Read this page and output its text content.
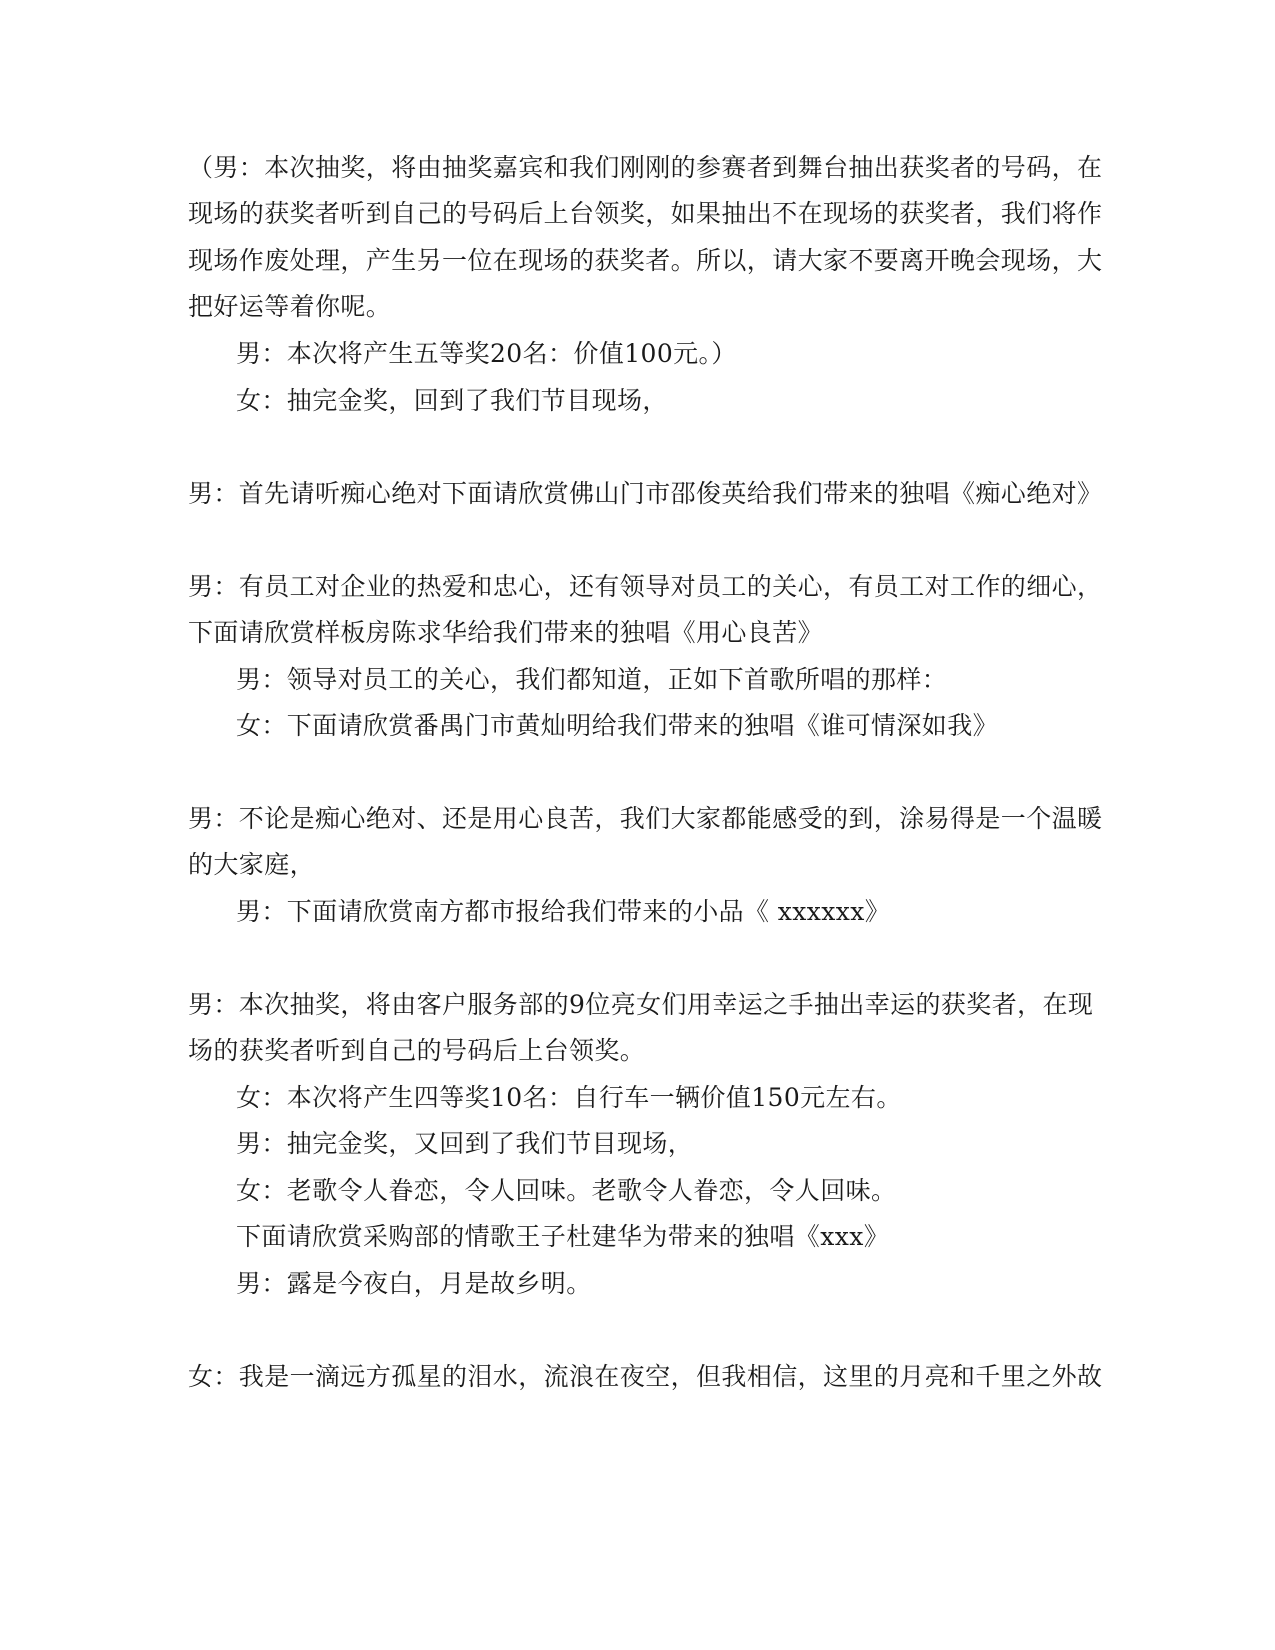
（男：本次抽奖，将由抽奖嘉宾和我们刚刚的参赛者到舞台抽出获奖者的号码，在
现场的获奖者听到自己的号码后上台领奖，如果抽出不在现场的获奖者，我们将作
现场作废处理，产生另一位在现场的获奖者。所以，请大家不要离开晚会现场，大
把好运等着你呢。
男：本次将产生五等奖20名：价值100元。）
女：抽完金奖，回到了我们节目现场，
男：首先请听痴心绝对下面请欣赏佛山门市邵俊英给我们带来的独唱《痴心绝对》
男：有员工对企业的热爱和忠心，还有领导对员工的关心，有员工对工作的细心，
下面请欣赏样板房陈求华给我们带来的独唱《用心良苦》
男：领导对员工的关心，我们都知道，正如下首歌所唱的那样：
女：下面请欣赏番禺门市黄灿明给我们带来的独唱《谁可情深如我》
男：不论是痴心绝对、还是用心良苦，我们大家都能感受的到，涂易得是一个温暖
的大家庭，
男：下面请欣赏南方都市报给我们带来的小品《 xxxxxx》
男：本次抽奖，将由客户服务部的9位亮女们用幸运之手抽出幸运的获奖者，在现
场的获奖者听到自己的号码后上台领奖。
女：本次将产生四等奖10名：自行车一辆价值150元左右。
男：抽完金奖，又回到了我们节目现场，
女：老歌令人眷恋，令人回味。老歌令人眷恋，令人回味。
下面请欣赏采购部的情歌王子杜建华为带来的独唱《xxx》
男：露是今夜白，月是故乡明。
女：我是一滴远方孤星的泪水，流浪在夜空，但我相信，这里的月亮和千里之外故
